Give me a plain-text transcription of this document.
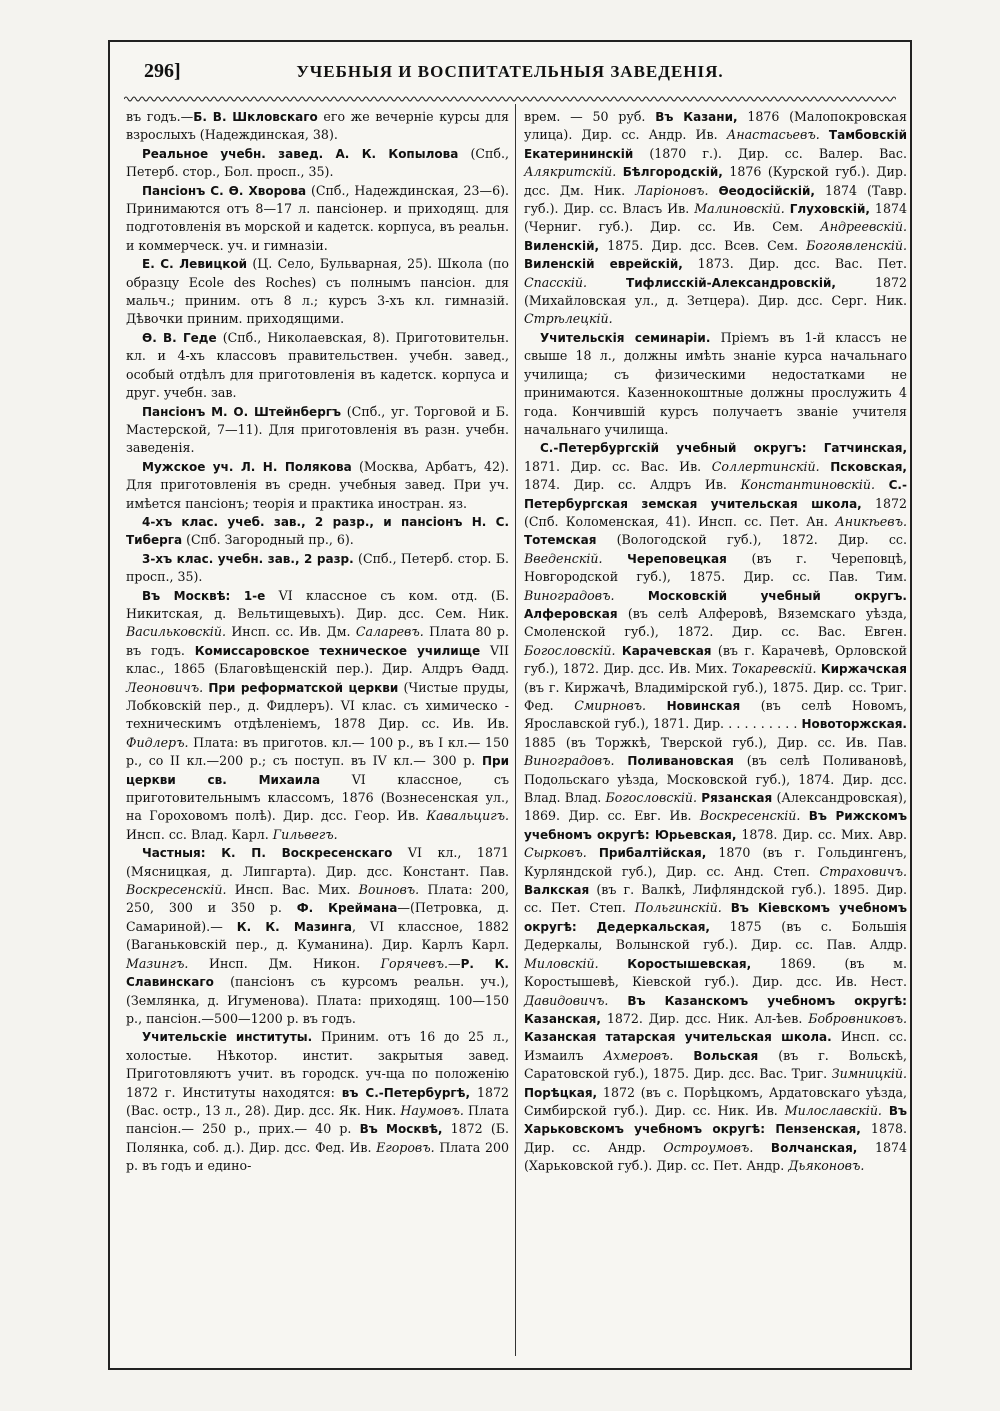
296]	УЧЕБНЫЯ И ВОСПИТАТЕЛЬНЫЯ ЗАВЕДЕНІЯ.

въ годъ.—Б. В. Шкловскаго его же вечерніе курсы для взрослыхъ (Надеждинская, 38).

Реальное учебн. завед. А. К. Копылова (Спб., Петерб. стор., Бол. просп., 35).

Пансіонъ С. Ѳ. Хворова (Спб., Надеждинская, 23—6). Принимаются отъ 8—17 л. пансіонер. и приходящ. для подготовленія въ морской и кадетск. корпуса, въ реальн. и коммерческ. уч. и гимназіи.

Е. С. Левицкой (Ц. Село, Бульварная, 25). Школа (по образцу Ecole des Roches) съ полнымъ пансіон. для мальч.; приним. отъ 8 л.; курсъ 3-хъ кл. гимназій. Дѣвочки приним. приходящими.

Ѳ. В. Геде (Спб., Николаевская, 8). Приготовительн. кл. и 4-хъ классовъ правительствен. учебн. завед., особый отдѣлъ для приготовленія въ кадетск. корпуса и друг. учебн. зав.

Пансіонъ М. О. Штейнбергъ (Спб., уг. Торговой и Б. Мастерской, 7—11). Для приготовленія въ разн. учебн. заведенія.

Мужское уч. Л. Н. Полякова (Москва, Арбатъ, 42). Для приготовленія въ средн. учебныя завед. При уч. имѣется пансіонъ; теорія и практика иностран. яз.

4-хъ клас. учеб. зав., 2 разр., и пансіонъ Н. С. Тиберга (Спб. Загородный пр., 6).

3-хъ клас. учебн. зав., 2 разр. (Спб., Петерб. стор. Б. просп., 35).

Въ Москвѣ: 1-е VI классное съ ком. отд. (Б. Никитская, д. Вельтищевыхъ). Дир. дсс. Сем. Ник. Васильковскій. Инсп. сс. Ив. Дм. Саларевъ. Плата 80 р. въ годъ. Комиссаровское техническое училище VII клас., 1865 (Благовѣщенскій пер.). Дир. Алдръ Ѳадд. Леоновичъ. При реформатской церкви (Чистые пруды, Лобковскій пер., д. Фидлеръ). VI клас. съ химическо - техническимъ отдѣленіемъ, 1878 Дир. сс. Ив. Ив. Фидлеръ. Плата: въ приготов. кл.— 100 р., въ I кл.— 150 р., со II кл.—200 р.; съ поступ. въ IV кл.— 300 р. При церкви св. Михаила VI классное, съ приготовительнымъ классомъ, 1876 (Вознесенская ул., на Гороховомъ полѣ). Дир. дсс. Геор. Ив. Кавальцигъ. Инсп. сс. Влад. Карл. Гильвегъ.

Частныя: К. П. Воскресенскаго VI кл., 1871 (Мясницкая, д. Липгарта). Дир. дсс. Констант. Пав. Воскресенскій. Инсп. Вас. Мих. Воиновъ. Плата: 200, 250, 300 и 350 р. Ф. Крейманa—(Петровка, д. Самариной).— К. К. Мазинга, VI классное, 1882 (Ваганьковскій пер., д. Куманина). Дир. Карлъ Карл. Мазингъ. Инсп. Дм. Никон. Горячевъ.—Р. К. Славинскаго (пансіонъ съ курсомъ реальн. уч.), (Землянка, д. Игуменова). Плата: приходящ. 100—150 р., пансіон.—500—1200 р. въ годъ.

Учительскіе институты. Приним. отъ 16 до 25 л., холостые. Нѣкотор. инстит. закрытыя завед. Приготовляютъ учит. въ городск. уч-ща по положенію 1872 г. Институты находятся: въ С.-Петербургѣ, 1872 (Вас. остр., 13 л., 28). Дир. дсс. Як. Ник. Наумовъ. Плата пансіон.— 250 р., прих.— 40 р. Въ Москвѣ, 1872 (Б. Полянка, соб. д.). Дир. дсс. Фед. Ив. Егоровъ. Плата 200 р. въ годъ и едино-

врем. — 50 руб. Въ Казани, 1876 (Малопокровская улица). Дир. сс. Андр. Ив. Анастасьевъ. Тамбовскій Екатерининскій (1870 г.). Дир. сс. Валер. Вас. Алякритскій. Бѣлгородскій, 1876 (Курской губ.). Дир. дсс. Дм. Ник. Ларіоновъ. Ѳеодосійскій, 1874 (Тавр. губ.). Дир. сс. Власъ Ив. Малиновскій. Глуховскій, 1874 (Черниг. губ.). Дир. сс. Ив. Сем. Андреевскій. Виленскій, 1875. Дир. дсс. Всев. Сем. Богоявленскій. Виленскій еврейскій, 1873. Дир. дсс. Вас. Пет. Спасскій.	Тифлисскій-Александровскій, 1872 (Михайловская ул., д. Зетцера). Дир. дсс. Серг. Ник. Стрѣлецкій.

Учительскія семинаріи. Пріемъ въ 1-й классъ не свыше 18 л., должны имѣть знаніе курса начальнаго училища; съ физическими недостатками не принимаются. Казеннокоштные должны прослужить 4 года. Кончившій курсъ получаетъ званіе учителя начальнаго училища.

С.-Петербургскій учебный округъ: Гатчинская, 1871. Дир. сс. Вас. Ив. Соллертинскій. Псковская, 1874. Дир. сс. Алдръ Ив. Константиновскій. С.-Петербургская земская учительская школа, 1872 (Спб. Коломенская, 41). Инсп. сс. Пет. Ан. Аникѣевъ. Тотемская (Вологодской губ.), 1872. Дир. сс. Введенскій. Череповецкая (въ г. Череповцѣ, Новгородской губ.), 1875. Дир. сс. Пав. Тим. Виноградовъ.	Московскій учебный округъ. Алферовская (въ селѣ Алферовѣ, Вяземскаго уѣзда, Смоленской губ.), 1872. Дир. сс. Вас. Евген. Богословскій. Карачевская (въ г. Карачевѣ, Орловской губ.), 1872. Дир. дсс. Ив. Мих. Токаревскій. Киржачская (въ г. Киржачѣ, Владимірской губ.), 1875. Дир. сс. Триг. Фед. Смирновъ. Новинская (въ селѣ Новомъ, Ярославской губ.), 1871. Дир. . . . . . . . . . Новоторжская. 1885 (въ Торжкѣ, Тверской губ.), Дир. сс. Ив. Пав. Виноградовъ. Поливановская (въ селѣ Поливановѣ, Подольскаго уѣзда, Московской губ.), 1874. Дир. дсс. Влад. Влад. Богословскій. Рязанская (Александровская), 1869. Дир. сс. Евг. Ив. Воскресенскій. Въ Рижскомъ учебномъ округѣ: Юрьевская, 1878. Дир. сс. Мих. Авр. Сырковъ. Прибалтійская, 1870 (въ г. Гольдингенъ, Курляндской губ.), Дир. сс. Анд. Степ. Страховичъ. Валкская (въ г. Валкѣ, Лифляндской губ.). 1895. Дир. сс. Пет. Степ. Польгинскій. Въ Кіевскомъ учебномъ округѣ: Дедеркальская, 1875 (въ с. Большія Дедеркалы, Волынской губ.). Дир. сс. Пав. Алдр. Миловскій. Коростышевская, 1869. (въ м. Коростышевѣ, Кіевской губ.). Дир. дсс. Ив. Нест. Давидовичъ. Въ Казанскомъ учебномъ округѣ: Казанская, 1872. Дир. дсс. Ник. Ал-ѣев. Бобровниковъ. Казанская татарская учительская школа. Инсп. сс. Измаилъ Ахмеровъ. Вольская (въ г. Вольскѣ, Саратовской губ.), 1875. Дир. дсс. Вас. Триг. Зимницкій. Порѣцкая, 1872 (въ с. Порѣцкомъ, Ардатовскаго уѣзда, Симбирской губ.). Дир. сс. Ник. Ив. Милославскій. Въ Харьковскомъ учебномъ округѣ: Пензенская, 1878. Дир. сс. Андр. Остроумовъ. Волчанская, 1874 (Харьковской губ.). Дир. сс. Пет. Андр. Дьяконовъ.
